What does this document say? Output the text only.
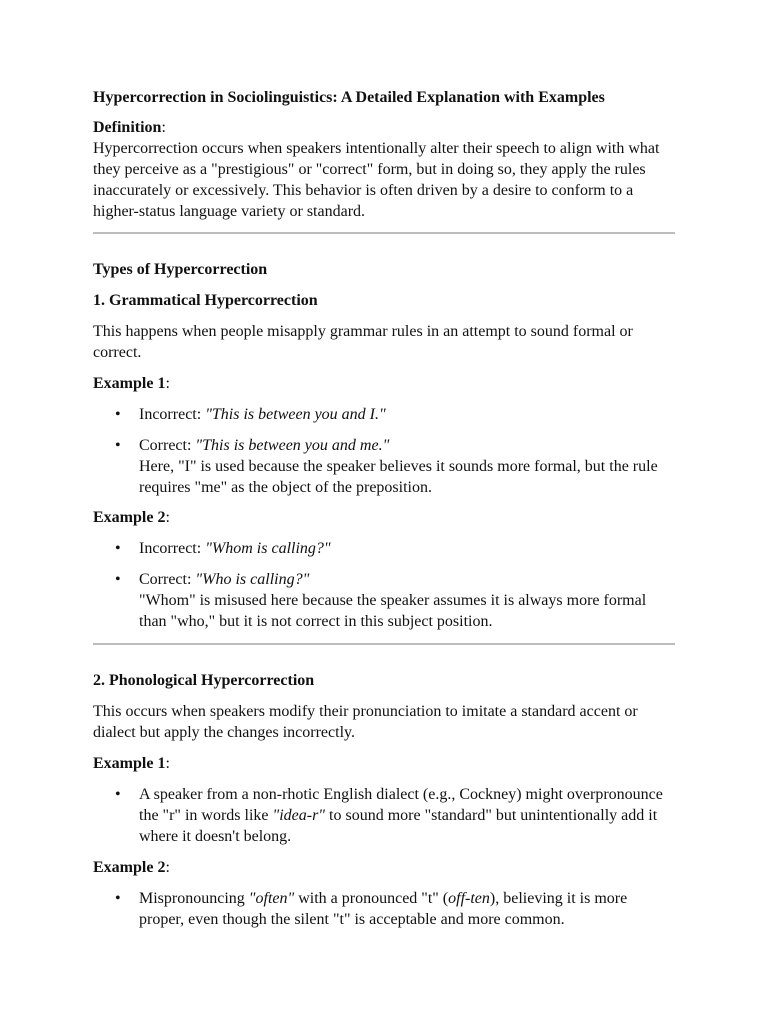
Hypercorrection in Sociolinguistics: A Detailed Explanation with Examples

Definition:

Hypercorrection occurs when speakers intentionally alter their speech to align with what they perceive as a "prestigious" or "correct" form, but in doing so, they apply the rules inaccurately or excessively. This behavior is often driven by a desire to conform to a higher-status language variety or standard.

Types of Hypercorrection

1. Grammatical Hypercorrection

This happens when people misapply grammar rules in an attempt to sound formal or correct.

Example 1:

• Incorrect: "This is between you and I."
• Correct: "This is between you and me."
Here, "I" is used because the speaker believes it sounds more formal, but the rule requires "me" as the object of the preposition.

Example 2:

• Incorrect: "Whom is calling?"
• Correct: "Who is calling?"
"Whom" is misused here because the speaker assumes it is always more formal than "who," but it is not correct in this subject position.

2. Phonological Hypercorrection

This occurs when speakers modify their pronunciation to imitate a standard accent or dialect but apply the changes incorrectly.

Example 1:

• A speaker from a non-rhotic English dialect (e.g., Cockney) might overpronounce the "r" in words like "idea-r" to sound more "standard" but unintentionally add it where it doesn't belong.

Example 2:

• Mispronouncing "often" with a pronounced "t" (off-ten), believing it is more proper, even though the silent "t" is acceptable and more common.
